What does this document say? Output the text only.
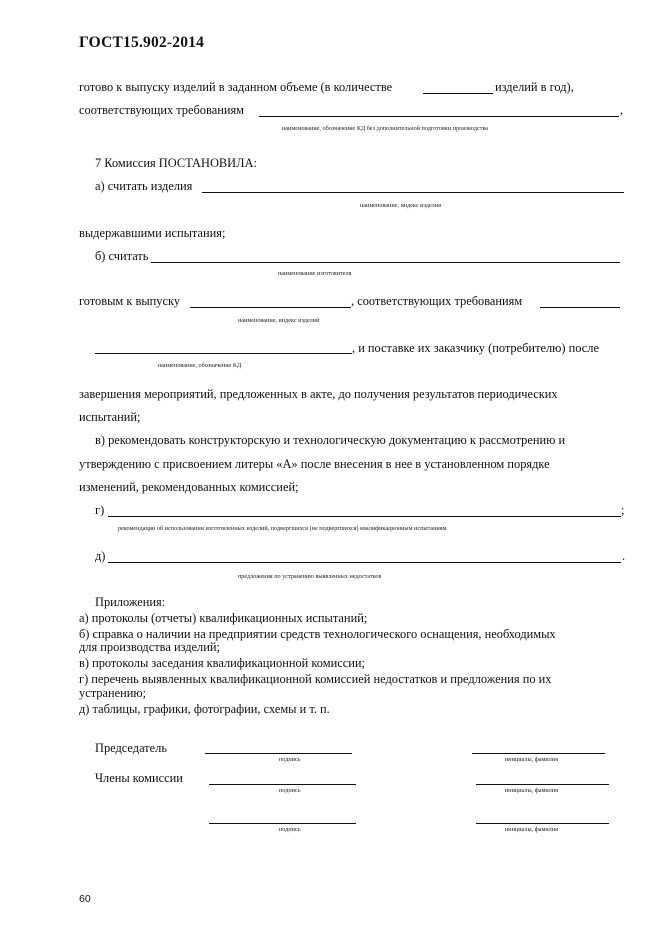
ГОСТ15.902-2014
готово к выпуску изделий в заданном объеме (в количестве	изделий в год),
соответствующих требованиям	,
наименование, обозначение КД без дополнительной подготовки производства
7 Комиссия ПОСТАНОВИЛА:
а) считать изделия
наименование, индекс изделия
выдержавшими испытания;
б) считать
наименование изготовителя
готовым к выпуску	, соответствующих требованиям
наименование, индекс изделий
, и поставке их заказчику (потребителю) после
наименование, обозначение КД
завершения мероприятий, предложенных в акте, до получения результатов периодических
испытаний;
в) рекомендовать конструкторскую и технологическую документацию к рассмотрению и
утверждению с присвоением литеры «А» после внесения в нее в установленном порядке
изменений, рекомендованных комиссией;
г)	;
рекомендации об использовании изготовленных изделий, подвергшихся (не подвергшихся) квалификационным испытаниям
д)	.
предложения по устранению выявленных недостатков
Приложения:
а) протоколы (отчеты) квалификационных испытаний;
б) справка о наличии на предприятии средств технологического оснащения, необходимых
для производства изделий;
в) протоколы заседания квалификационной комиссии;
г) перечень выявленных квалификационной комиссией недостатков и предложения по их
устранению;
д) таблицы, графики, фотографии, схемы и т. п.
Председатель
подпись	инициалы, фамилия
Члены комиссии
подпись	инициалы, фамилия
подпись	инициалы, фамилия
60
